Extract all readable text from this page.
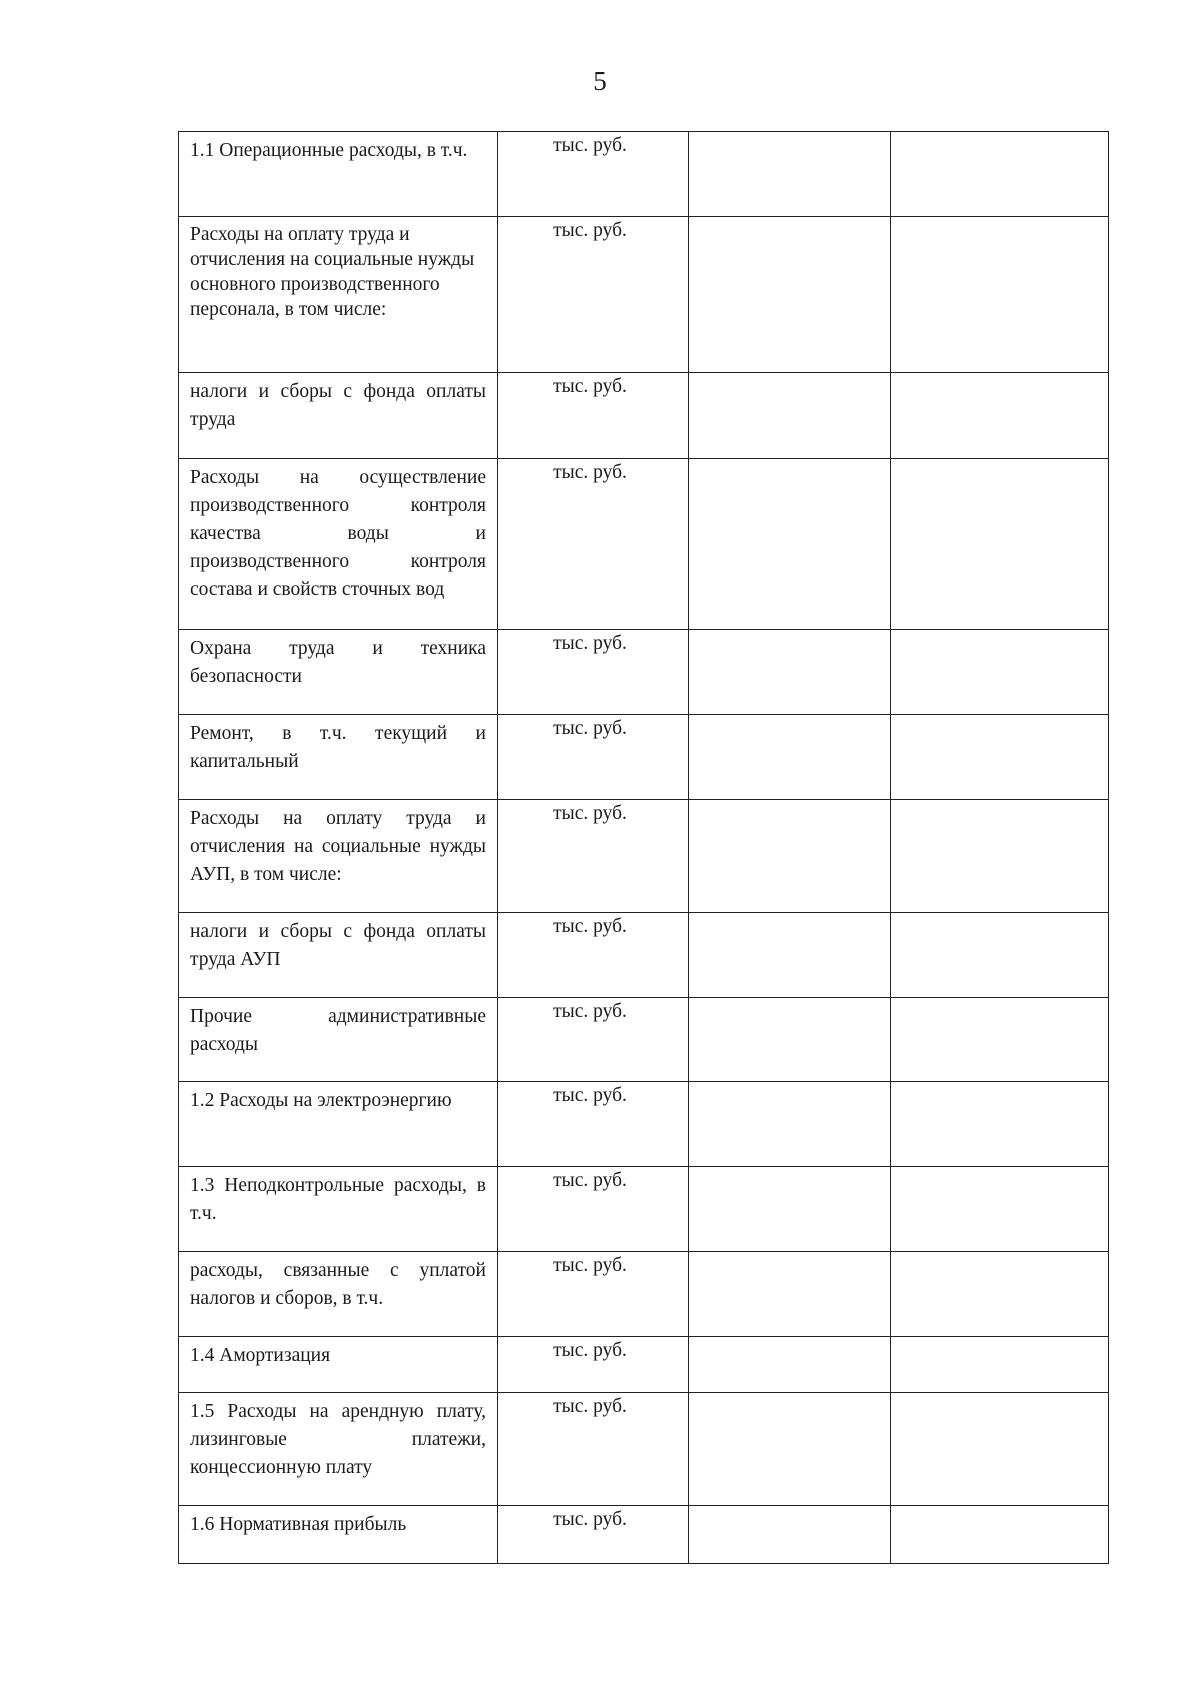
5
1.1 Операционные расходы, в т.ч.	тыс. руб.		

Расходы на оплату труда и отчисления на социальные нужды основного производственного персонала, в том числе:	тыс. руб.		

налоги и сборы с фонда оплаты труда	тыс. руб.		

Расходы на осуществление производственного контроля качества воды и производственного контроля состава и свойств сточных вод	тыс. руб.		

Охрана труда и техника безопасности	тыс. руб.		

Ремонт, в т.ч. текущий и капитальный	тыс. руб.		

Расходы на оплату труда и отчисления на социальные нужды АУП, в том числе:	тыс. руб.		

налоги и сборы с фонда оплаты труда АУП	тыс. руб.		

Прочие административные расходы	тыс. руб.		

1.2 Расходы на электроэнергию	тыс. руб.		

1.3 Неподконтрольные расходы, в т.ч.	тыс. руб.		

расходы, связанные с уплатой налогов и сборов, в т.ч.	тыс. руб.		

1.4 Амортизация	тыс. руб.		

1.5 Расходы на арендную плату, лизинговые платежи, концессионную плату	тыс. руб.		

1.6 Нормативная прибыль	тыс. руб.		
